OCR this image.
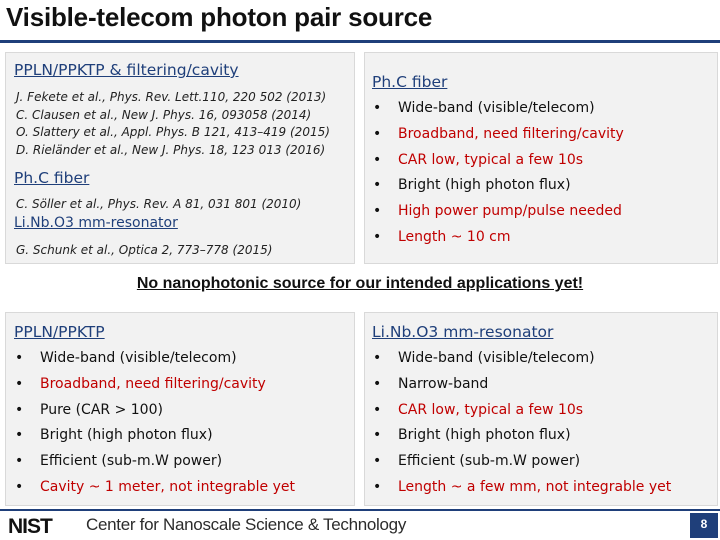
Visible-telecom photon pair source
PPLN/PPKTP & filtering/cavity
J. Fekete et al., Phys. Rev. Lett.110, 220 502 (2013)
C. Clausen et al., New J. Phys. 16, 093058 (2014)
O. Slattery et al., Appl. Phys. B 121, 413–419 (2015)
D. Rieländer et al., New J. Phys. 18, 123 013 (2016)
Ph.C fiber
C. Söller et al., Phys. Rev. A 81, 031 801 (2010)
Li.Nb.O3 mm-resonator
G. Schunk et al., Optica 2, 773–778 (2015)
Ph.C fiber
• Wide-band (visible/telecom)
• Broadband, need filtering/cavity
• CAR low, typical a few 10s
• Bright (high photon flux)
• High power pump/pulse needed
• Length ~ 10 cm
No nanophotonic source for our intended applications yet!
PPLN/PPKTP
• Wide-band (visible/telecom)
• Broadband, need filtering/cavity
• Pure (CAR > 100)
• Bright (high photon flux)
• Efficient (sub-m.W power)
• Cavity ~ 1 meter, not integrable yet
Li.Nb.O3 mm-resonator
• Wide-band (visible/telecom)
• Narrow-band
• CAR low, typical a few 10s
• Bright (high photon flux)
• Efficient (sub-m.W power)
• Length ~ a few mm, not integrable yet
NIST Center for Nanoscale Science & Technology	8
